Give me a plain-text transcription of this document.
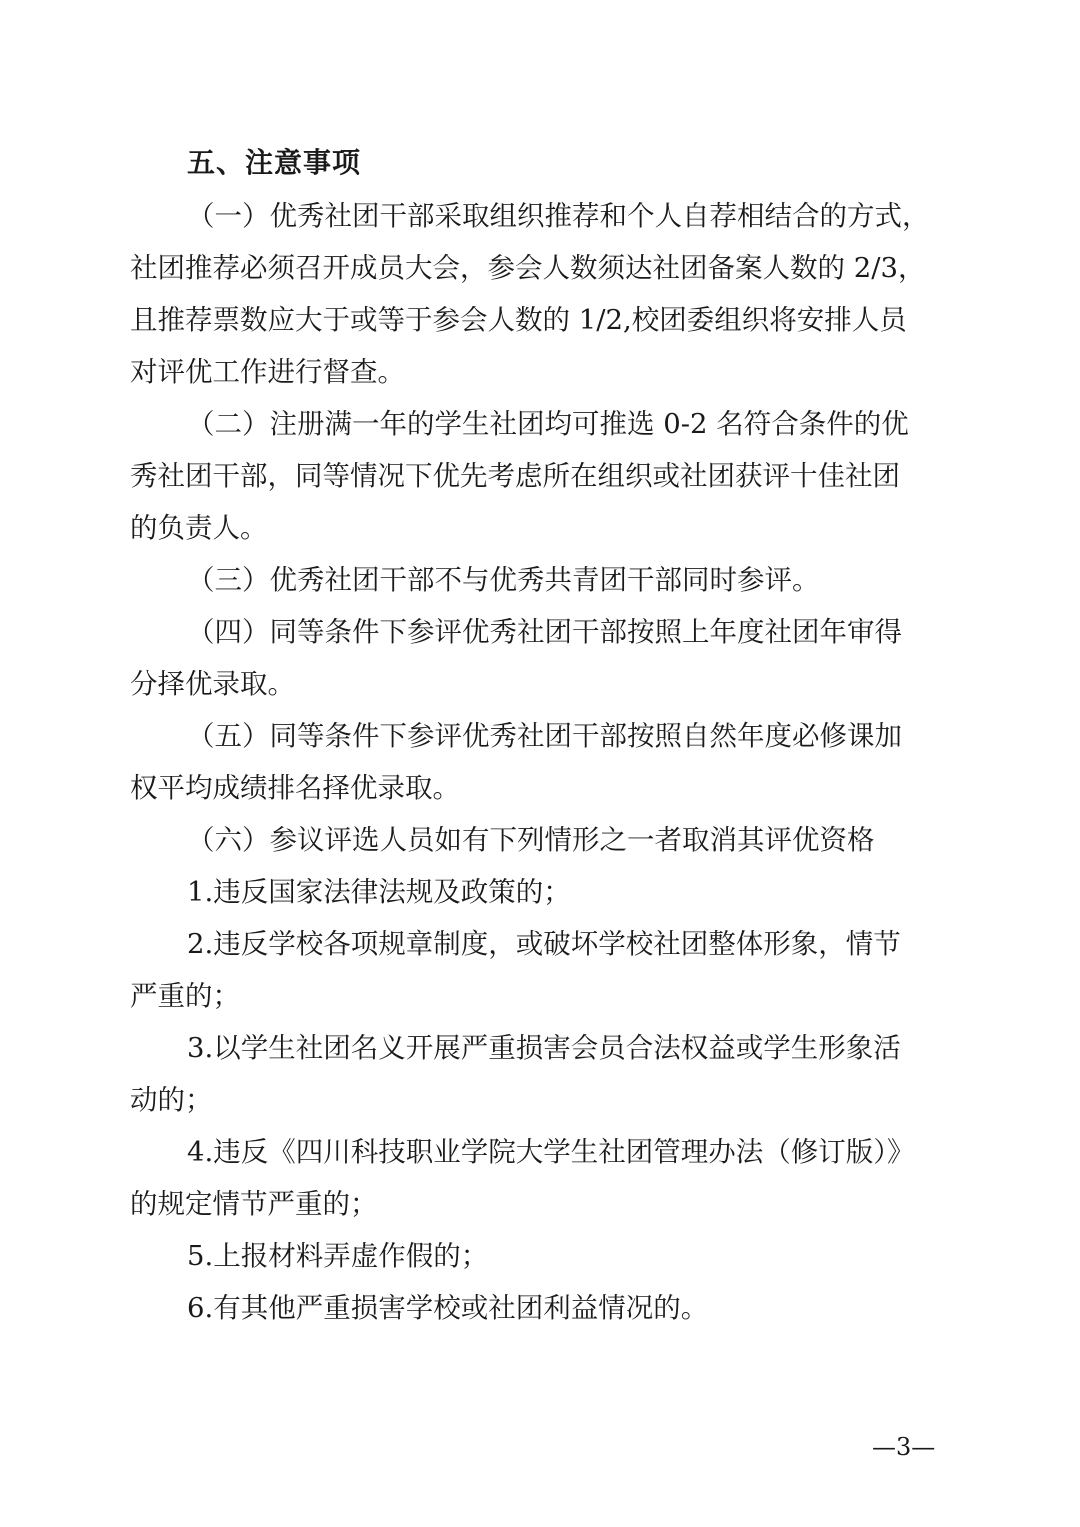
五、注意事项
（一）优秀社团干部采取组织推荐和个人自荐相结合的方式，
社团推荐必须召开成员大会，参会人数须达社团备案人数的 2/3，
且推荐票数应大于或等于参会人数的 1/2,校团委组织将安排人员
对评优工作进行督查。
（二）注册满一年的学生社团均可推选 0-2 名符合条件的优
秀社团干部，同等情况下优先考虑所在组织或社团获评十佳社团
的负责人。
（三）优秀社团干部不与优秀共青团干部同时参评。
（四）同等条件下参评优秀社团干部按照上年度社团年审得
分择优录取。
（五）同等条件下参评优秀社团干部按照自然年度必修课加
权平均成绩排名择优录取。
（六）参议评选人员如有下列情形之一者取消其评优资格
1.违反国家法律法规及政策的；
2.违反学校各项规章制度，或破坏学校社团整体形象，情节
严重的；
3.以学生社团名义开展严重损害会员合法权益或学生形象活
动的；
4.违反《四川科技职业学院大学生社团管理办法（修订版）》
的规定情节严重的；
5.上报材料弄虚作假的；
6.有其他严重损害学校或社团利益情况的。
—3—
